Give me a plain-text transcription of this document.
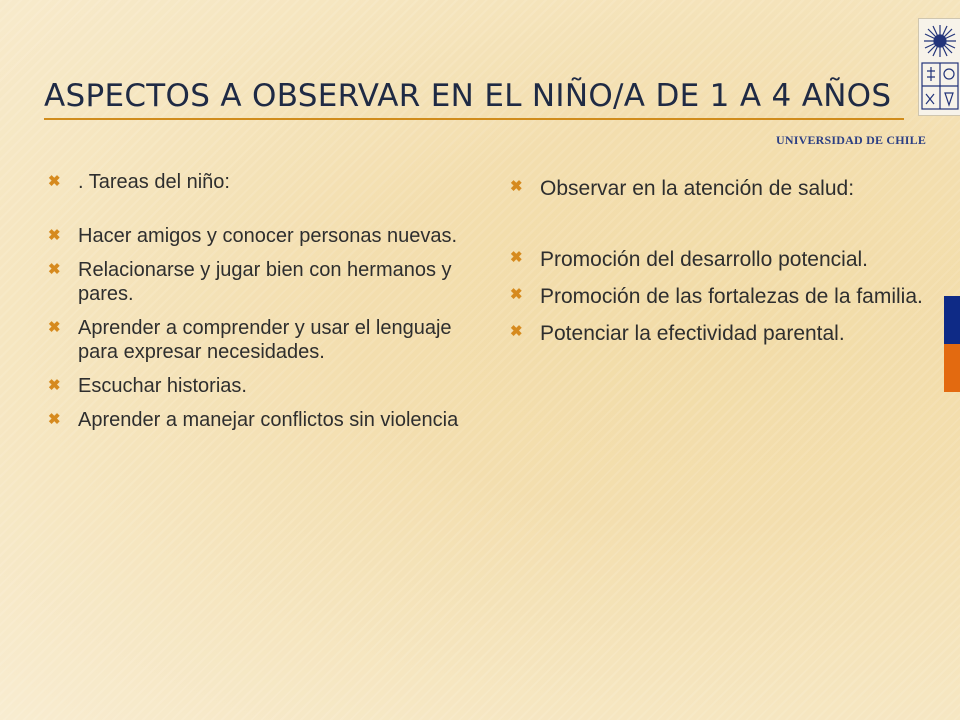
ASPECTOS A OBSERVAR EN EL NIÑO/A DE 1 A 4 AÑOS
UNIVERSIDAD DE CHILE
✖ . Tareas del niño:
✖ Hacer amigos y conocer personas nuevas.
✖ Relacionarse y jugar bien con hermanos y pares.
✖ Aprender a comprender y usar el lenguaje para expresar necesidades.
✖ Escuchar historias.
✖ Aprender a manejar conflictos sin violencia
✖ Observar en la atención de salud:
✖ Promoción del desarrollo potencial.
✖ Promoción de las fortalezas de la familia.
✖ Potenciar la efectividad parental.
